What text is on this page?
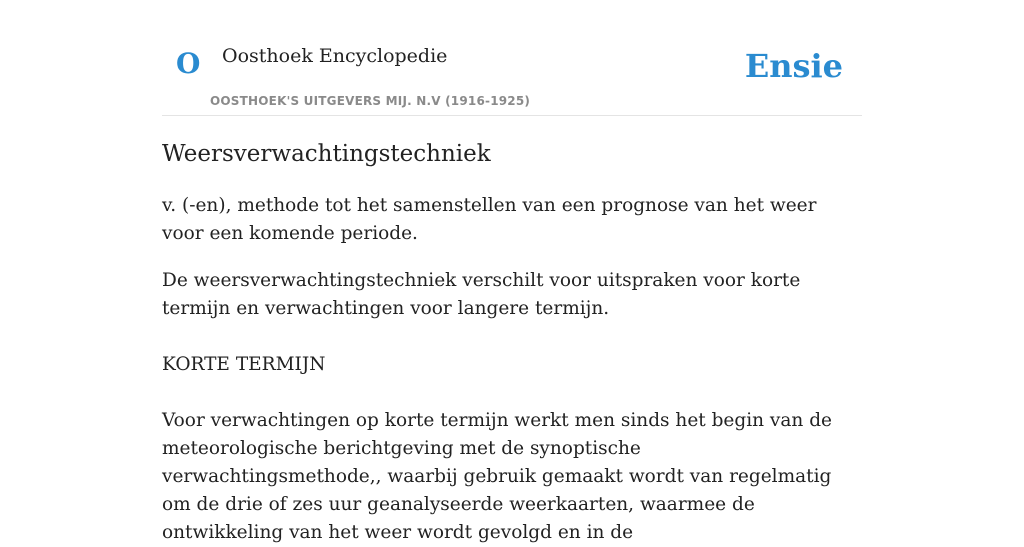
O Oosthoek Encyclopedie
OOSTHOEK'S UITGEVERS MIJ. N.V (1916-1925)
Ensie
Weersverwachtingstechniek

v. (-en), methode tot het samenstellen van een prognose van het weer voor een komende periode.

De weersverwachtingstechniek verschilt voor uitspraken voor korte termijn en verwachtingen voor langere termijn.

KORTE TERMIJN

Voor verwachtingen op korte termijn werkt men sinds het begin van de meteorologische berichtgeving met de synoptische verwachtingsmethode,, waarbij gebruik gemaakt wordt van regelmatig om de drie of zes uur geanalyseerde weerkaarten, waarmee de ontwikkeling van het weer wordt gevolgd en in de
